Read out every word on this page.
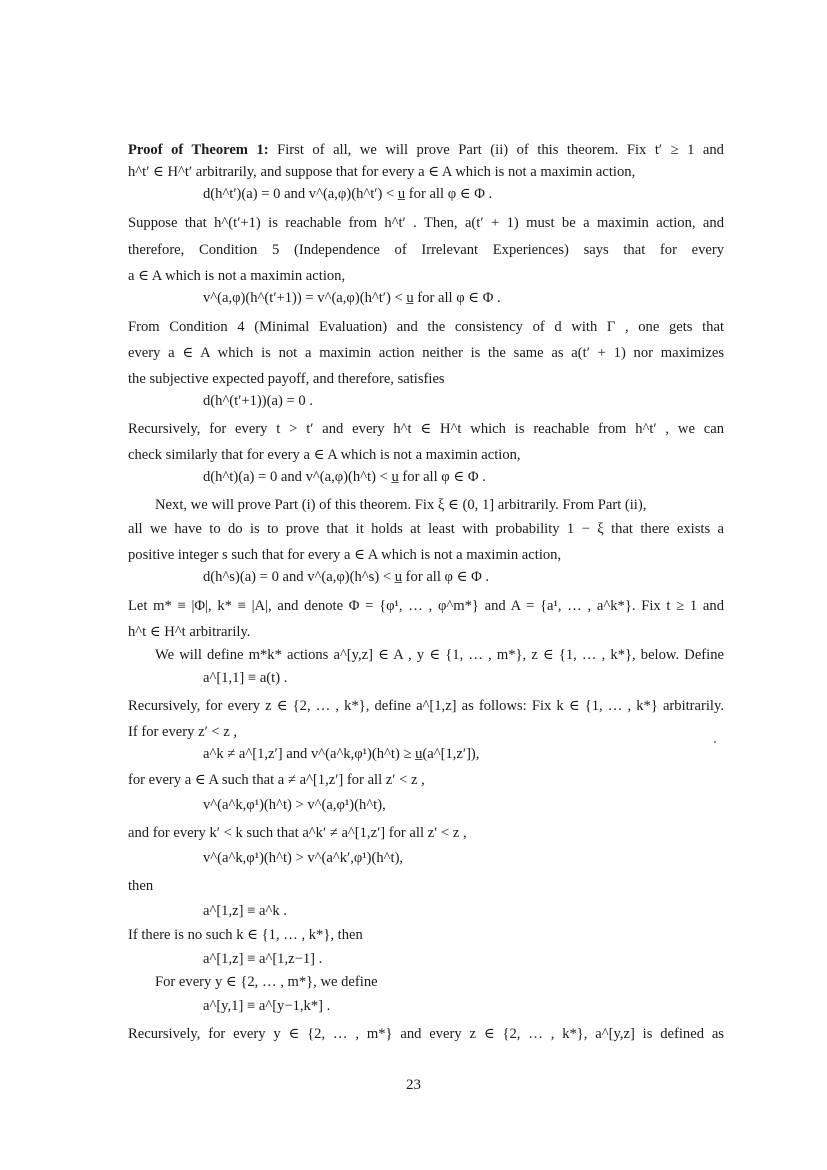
Proof of Theorem 1: First of all, we will prove Part (ii) of this theorem. Fix t′ ≥ 1 and
h^t′ ∈ H^t′ arbitrarily, and suppose that for every a ∈ A which is not a maximin action,
d(h^t′)(a) = 0 and v^(a,φ)(h^t′) < u̲ for all φ ∈ Φ .
Suppose that h^(t′+1) is reachable from h^t′ . Then, a(t′ + 1) must be a maximin action, and
therefore, Condition 5 (Independence of Irrelevant Experiences) says that for every
a ∈ A which is not a maximin action,
v^(a,φ)(h^(t′+1)) = v^(a,φ)(h^t′) < u̲ for all φ ∈ Φ .
From Condition 4 (Minimal Evaluation) and the consistency of d with Γ , one gets that
every a ∈ A which is not a maximin action neither is the same as a(t′ + 1) nor maximizes
the subjective expected payoff, and therefore, satisfies
d(h^(t′+1))(a) = 0 .
Recursively, for every t > t′ and every h^t ∈ H^t which is reachable from h^t′ , we can
check similarly that for every a ∈ A which is not a maximin action,
d(h^t)(a) = 0 and v^(a,φ)(h^t) < u̲ for all φ ∈ Φ .
Next, we will prove Part (i) of this theorem. Fix ξ ∈ (0, 1] arbitrarily. From Part (ii),
all we have to do is to prove that it holds at least with probability 1 − ξ that there exists a
positive integer s such that for every a ∈ A which is not a maximin action,
d(h^s)(a) = 0 and v^(a,φ)(h^s) < u̲ for all φ ∈ Φ .
Let m* ≡ |Φ|, k* ≡ |A|, and denote Φ = {φ¹, … , φ^m*} and A = {a¹, … , a^k*}. Fix t ≥ 1 and
h^t ∈ H^t arbitrarily.
We will define m*k* actions a^[y,z] ∈ A , y ∈ {1, … , m*}, z ∈ {1, … , k*}, below. Define
a^[1,1] ≡ a(t) .
Recursively, for every z ∈ {2, … , k*}, define a^[1,z] as follows: Fix k ∈ {1, … , k*} arbitrarily.
If for every z′ < z ,
a^k ≠ a^[1,z′] and v^(a^k,φ¹)(h^t) ≥ u̲(a^[1,z′]),
for every a ∈ A such that a ≠ a^[1,z′] for all z′ < z ,
v^(a^k,φ¹)(h^t) > v^(a,φ¹)(h^t),
and for every k′ < k such that a^k′ ≠ a^[1,z′] for all z′ < z ,
v^(a^k,φ¹)(h^t) > v^(a^k′,φ¹)(h^t),
then
a^[1,z] ≡ a^k .
If there is no such k ∈ {1, … , k*}, then
a^[1,z] ≡ a^[1,z−1] .
For every y ∈ {2, … , m*}, we define
a^[y,1] ≡ a^[y−1,k*] .
Recursively, for every y ∈ {2, … , m*} and every z ∈ {2, … , k*}, a^[y,z] is defined as
23
